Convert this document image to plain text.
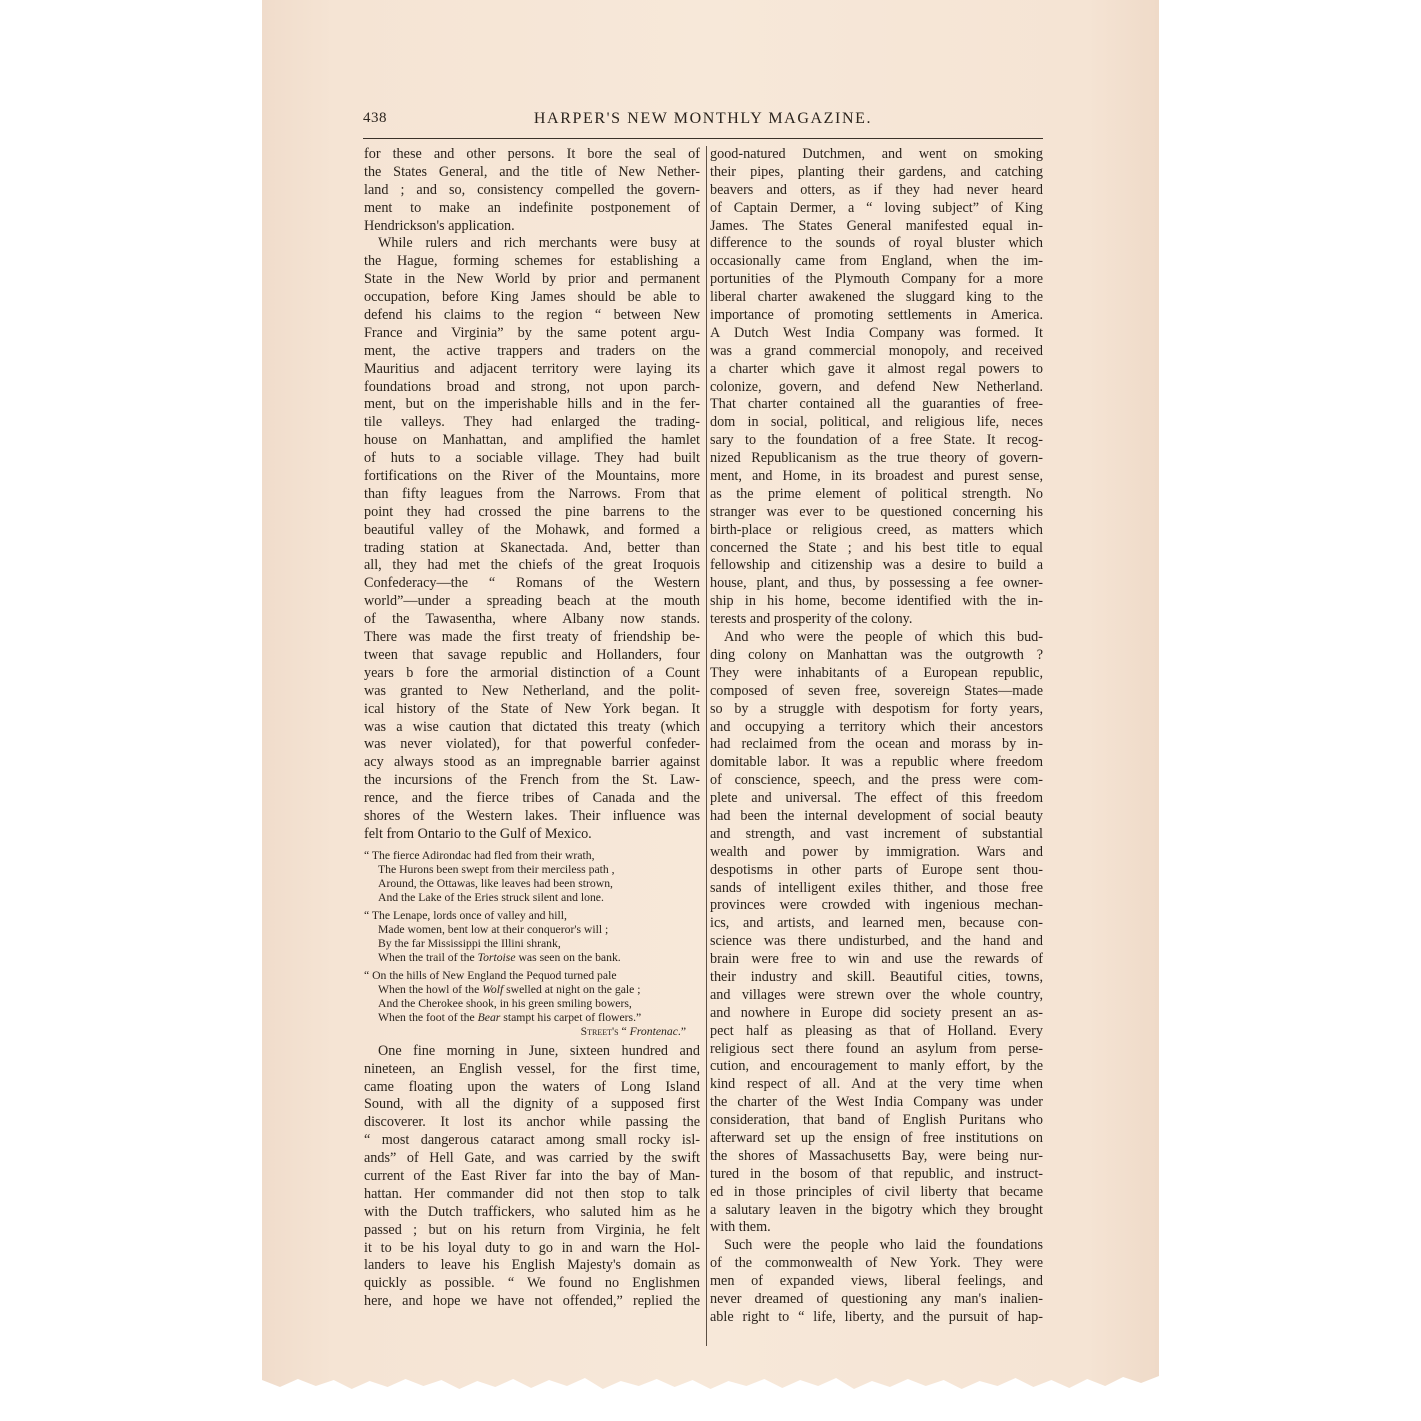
438	HARPER'S NEW MONTHLY MAGAZINE.
for these and other persons. It bore the seal of
the States General, and the title of New Nether-
land ; and so, consistency compelled the govern-
ment to make an indefinite postponement of
Hendrickson's application.
While rulers and rich merchants were busy at
the Hague, forming schemes for establishing a
State in the New World by prior and permanent
occupation, before King James should be able to
defend his claims to the region “ between New
France and Virginia” by the same potent argu-
ment, the active trappers and traders on the
Mauritius and adjacent territory were laying its
foundations broad and strong, not upon parch-
ment, but on the imperishable hills and in the fer-
tile valleys. They had enlarged the trading-
house on Manhattan, and amplified the hamlet
of huts to a sociable village. They had built
fortifications on the River of the Mountains, more
than fifty leagues from the Narrows. From that
point they had crossed the pine barrens to the
beautiful valley of the Mohawk, and formed a
trading station at Skanectada. And, better than
all, they had met the chiefs of the great Iroquois
Confederacy—the “ Romans of the Western
world”—under a spreading beach at the mouth
of the Tawasentha, where Albany now stands.
There was made the first treaty of friendship be-
tween that savage republic and Hollanders, four
years b fore the armorial distinction of a Count
was granted to New Netherland, and the polit-
ical history of the State of New York began. It
was a wise caution that dictated this treaty (which
was never violated), for that powerful confeder-
acy always stood as an impregnable barrier against
the incursions of the French from the St. Law-
rence, and the fierce tribes of Canada and the
shores of the Western lakes. Their influence was
felt from Ontario to the Gulf of Mexico.
“ The fierce Adirondac had fled from their wrath,
The Hurons been swept from their merciless path ,
Around, the Ottawas, like leaves had been strown,
And the Lake of the Eries struck silent and lone.
“ The Lenape, lords once of valley and hill,
Made women, bent low at their conqueror's will ;
By the far Mississippi the Illini shrank,
When the trail of the Tortoise was seen on the bank.
“ On the hills of New England the Pequod turned pale
When the howl of the Wolf swelled at night on the gale ;
And the Cherokee shook, in his green smiling bowers,
When the foot of the Bear stampt his carpet of flowers.”
Street's “ Frontenac.”
One fine morning in June, sixteen hundred and
nineteen, an English vessel, for the first time,
came floating upon the waters of Long Island
Sound, with all the dignity of a supposed first
discoverer. It lost its anchor while passing the
“ most dangerous cataract among small rocky isl-
ands” of Hell Gate, and was carried by the swift
current of the East River far into the bay of Man-
hattan. Her commander did not then stop to talk
with the Dutch traffickers, who saluted him as he
passed ; but on his return from Virginia, he felt
it to be his loyal duty to go in and warn the Hol-
landers to leave his English Majesty's domain as
quickly as possible. “ We found no Englishmen
here, and hope we have not offended,” replied the
good-natured Dutchmen, and went on smoking
their pipes, planting their gardens, and catching
beavers and otters, as if they had never heard
of Captain Dermer, a “ loving subject” of King
James. The States General manifested equal in-
difference to the sounds of royal bluster which
occasionally came from England, when the im-
portunities of the Plymouth Company for a more
liberal charter awakened the sluggard king to the
importance of promoting settlements in America.
A Dutch West India Company was formed. It
was a grand commercial monopoly, and received
a charter which gave it almost regal powers to
colonize, govern, and defend New Netherland.
That charter contained all the guaranties of free-
dom in social, political, and religious life, neces
sary to the foundation of a free State. It recog-
nized Republicanism as the true theory of govern-
ment, and Home, in its broadest and purest sense,
as the prime element of political strength. No
stranger was ever to be questioned concerning his
birth-place or religious creed, as matters which
concerned the State ; and his best title to equal
fellowship and citizenship was a desire to build a
house, plant, and thus, by possessing a fee owner-
ship in his home, become identified with the in-
terests and prosperity of the colony.
And who were the people of which this bud-
ding colony on Manhattan was the outgrowth ?
They were inhabitants of a European republic,
composed of seven free, sovereign States—made
so by a struggle with despotism for forty years,
and occupying a territory which their ancestors
had reclaimed from the ocean and morass by in-
domitable labor. It was a republic where freedom
of conscience, speech, and the press were com-
plete and universal. The effect of this freedom
had been the internal development of social beauty
and strength, and vast increment of substantial
wealth and power by immigration. Wars and
despotisms in other parts of Europe sent thou-
sands of intelligent exiles thither, and those free
provinces were crowded with ingenious mechan-
ics, and artists, and learned men, because con-
science was there undisturbed, and the hand and
brain were free to win and use the rewards of
their industry and skill. Beautiful cities, towns,
and villages were strewn over the whole country,
and nowhere in Europe did society present an as-
pect half as pleasing as that of Holland. Every
religious sect there found an asylum from perse-
cution, and encouragement to manly effort, by the
kind respect of all. And at the very time when
the charter of the West India Company was under
consideration, that band of English Puritans who
afterward set up the ensign of free institutions on
the shores of Massachusetts Bay, were being nur-
tured in the bosom of that republic, and instruct-
ed in those principles of civil liberty that became
a salutary leaven in the bigotry which they brought
with them.
Such were the people who laid the foundations
of the commonwealth of New York. They were
men of expanded views, liberal feelings, and
never dreamed of questioning any man's inalien-
able right to “ life, liberty, and the pursuit of hap-
